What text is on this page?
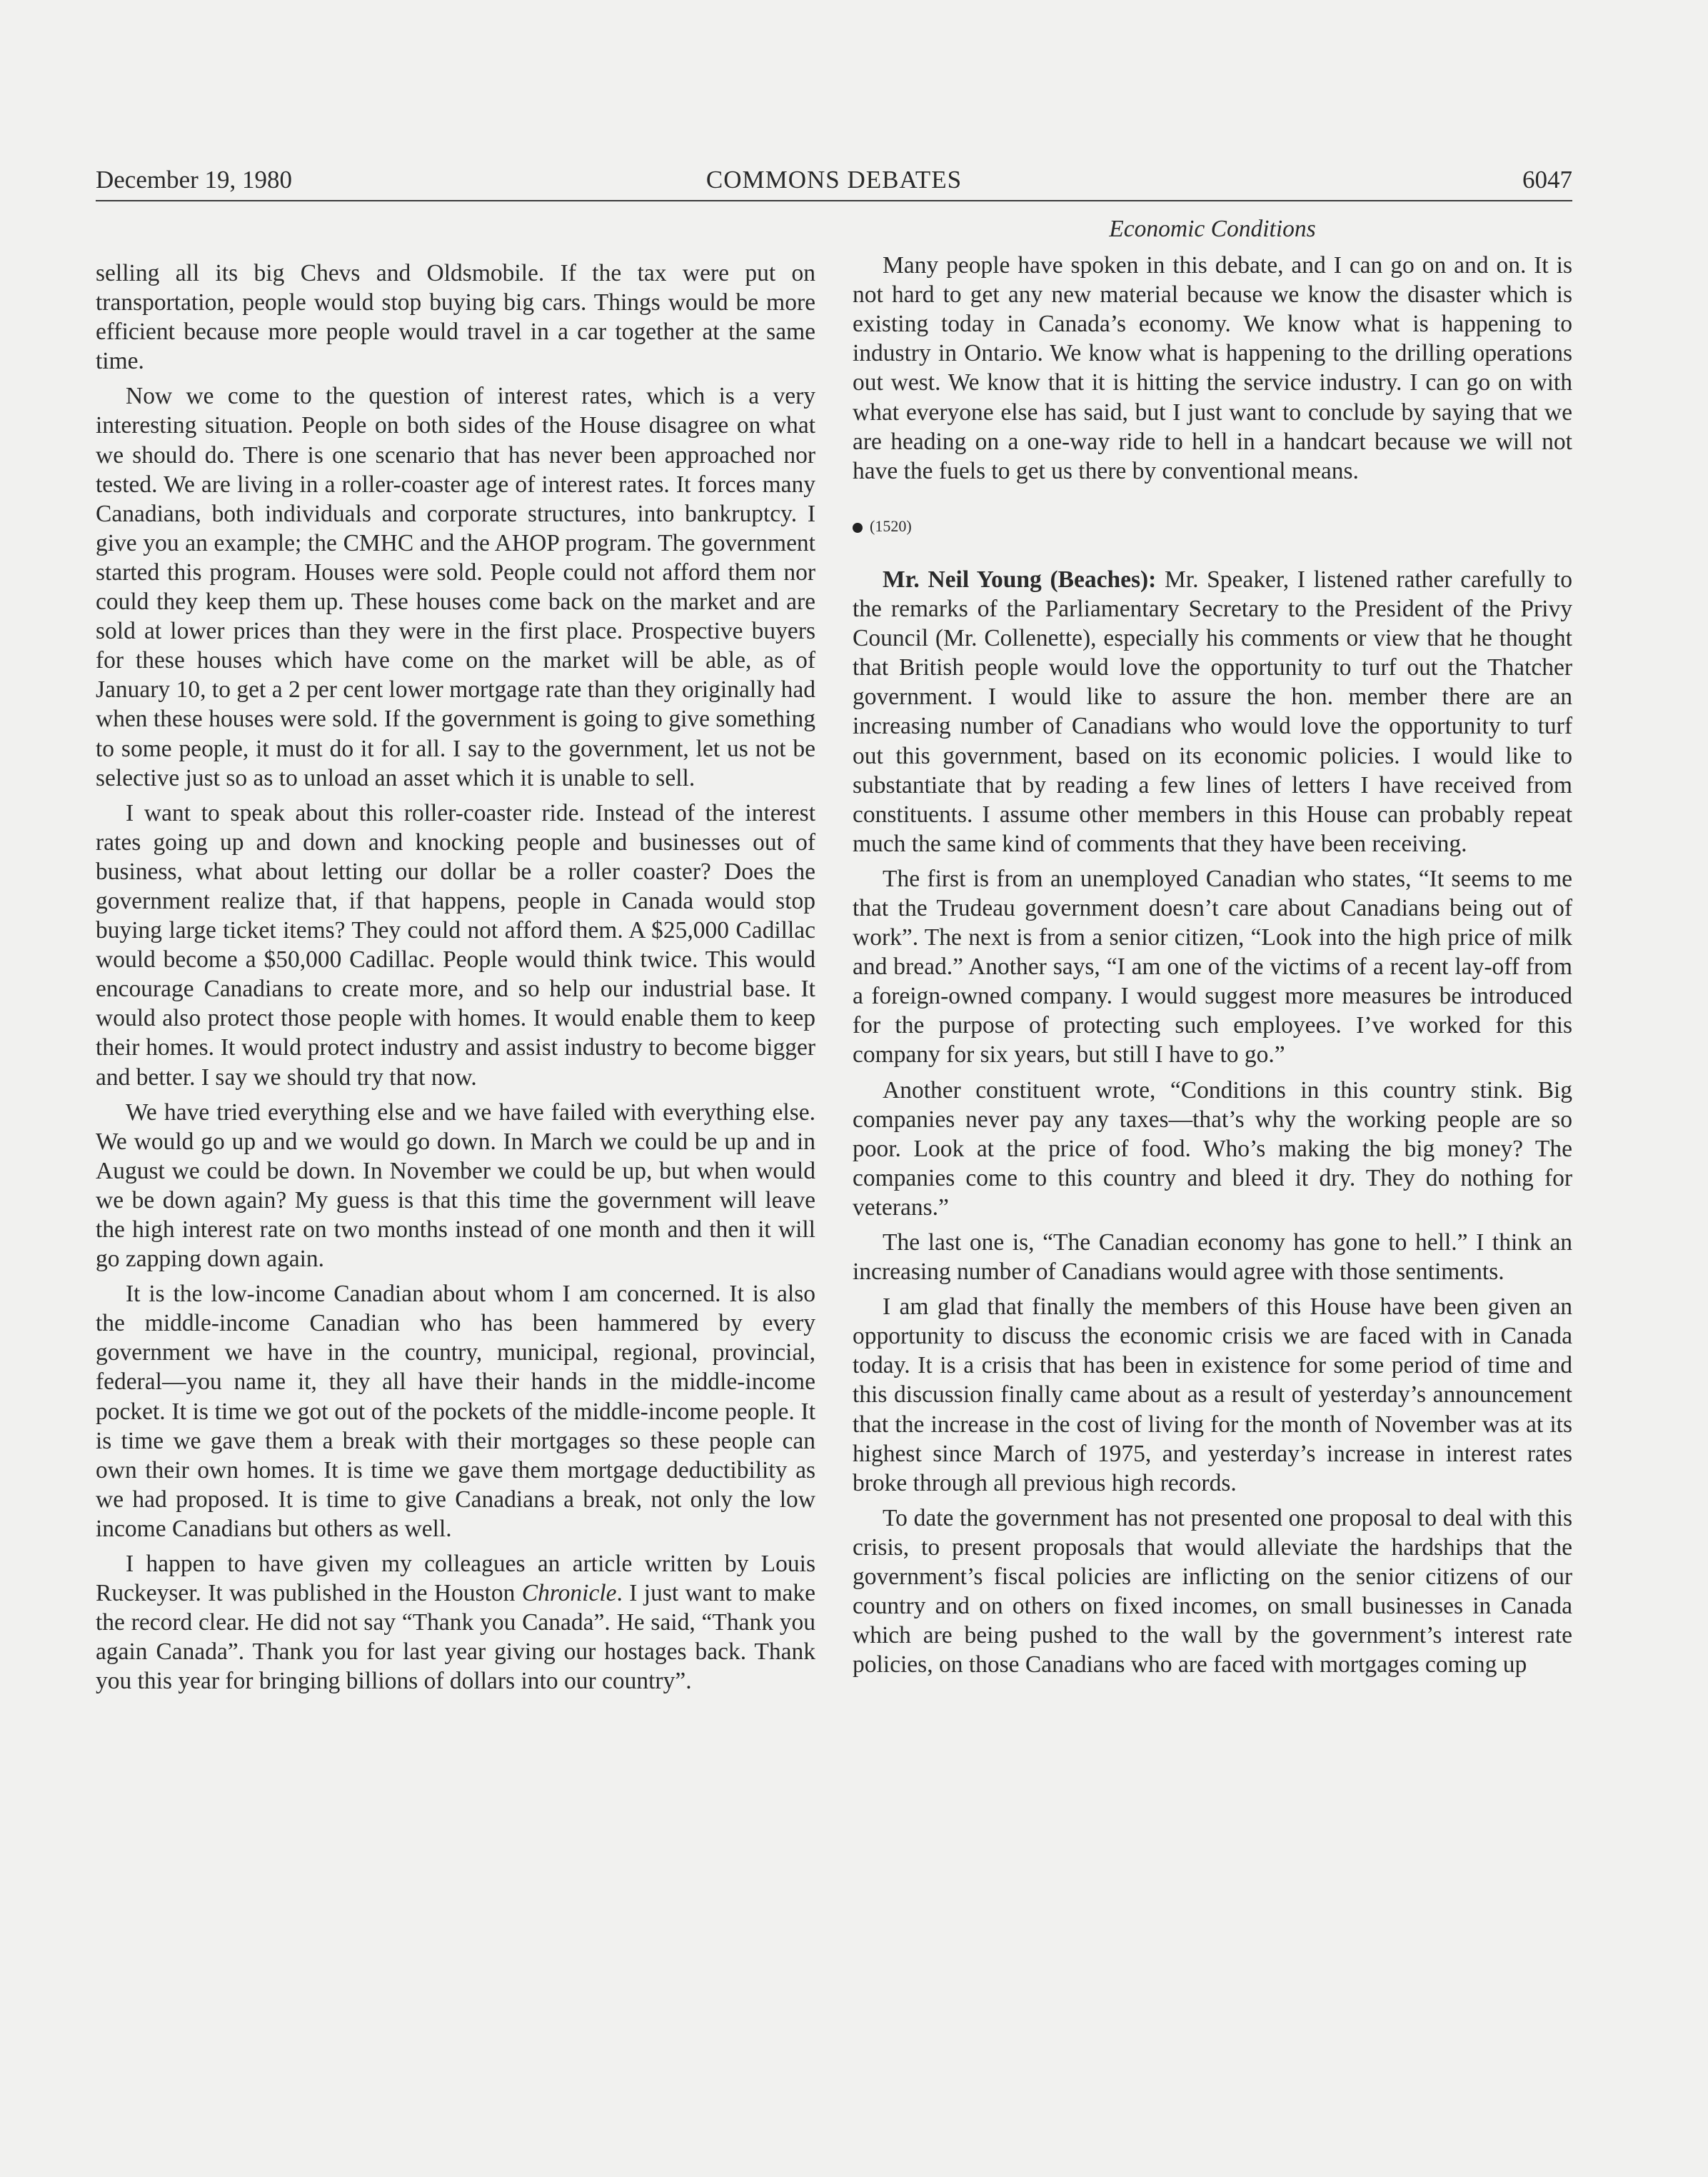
COMMONS DEBATES
December 19, 1980	6047

selling all its big Chevs and Oldsmobile. If the tax were put on transportation, people would stop buying big cars. Things would be more efficient because more people would travel in a car together at the same time.

Now we come to the question of interest rates, which is a very interesting situation. People on both sides of the House disagree on what we should do. There is one scenario that has never been approached nor tested. We are living in a roller-coaster age of interest rates. It forces many Canadians, both individuals and corporate structures, into bankruptcy. I give you an example; the CMHC and the AHOP program. The government started this program. Houses were sold. People could not afford them nor could they keep them up. These houses come back on the market and are sold at lower prices than they were in the first place. Prospective buyers for these houses which have come on the market will be able, as of January 10, to get a 2 per cent lower mortgage rate than they originally had when these houses were sold. If the government is going to give something to some people, it must do it for all. I say to the government, let us not be selective just so as to unload an asset which it is unable to sell.

I want to speak about this roller-coaster ride. Instead of the interest rates going up and down and knocking people and businesses out of business, what about letting our dollar be a roller coaster? Does the government realize that, if that happens, people in Canada would stop buying large ticket items? They could not afford them. A $25,000 Cadillac would become a $50,000 Cadillac. People would think twice. This would encourage Canadians to create more, and so help our industrial base. It would also protect those people with homes. It would enable them to keep their homes. It would protect industry and assist industry to become bigger and better. I say we should try that now.

We have tried everything else and we have failed with everything else. We would go up and we would go down. In March we could be up and in August we could be down. In November we could be up, but when would we be down again? My guess is that this time the government will leave the high interest rate on two months instead of one month and then it will go zapping down again.

It is the low-income Canadian about whom I am concerned. It is also the middle-income Canadian who has been hammered by every government we have in the country, municipal, regional, provincial, federal—you name it, they all have their hands in the middle-income pocket. It is time we got out of the pockets of the middle-income people. It is time we gave them a break with their mortgages so these people can own their own homes. It is time we gave them mortgage deductibility as we had proposed. It is time to give Canadians a break, not only the low income Canadians but others as well.

I happen to have given my colleagues an article written by Louis Ruckeyser. It was published in the Houston Chronicle. I just want to make the record clear. He did not say “Thank you Canada”. He said, “Thank you again Canada”. Thank you for last year giving our hostages back. Thank you this year for bringing billions of dollars into our country”.

Economic Conditions

Many people have spoken in this debate, and I can go on and on. It is not hard to get any new material because we know the disaster which is existing today in Canada’s economy. We know what is happening to industry in Ontario. We know what is happening to the drilling operations out west. We know that it is hitting the service industry. I can go on with what everyone else has said, but I just want to conclude by saying that we are heading on a one-way ride to hell in a handcart because we will not have the fuels to get us there by conventional means.

(1520)

Mr. Neil Young (Beaches): Mr. Speaker, I listened rather carefully to the remarks of the Parliamentary Secretary to the President of the Privy Council (Mr. Collenette), especially his comments or view that he thought that British people would love the opportunity to turf out the Thatcher government. I would like to assure the hon. member there are an increasing number of Canadians who would love the opportunity to turf out this government, based on its economic policies. I would like to substantiate that by reading a few lines of letters I have received from constituents. I assume other members in this House can probably repeat much the same kind of comments that they have been receiving.

The first is from an unemployed Canadian who states, “It seems to me that the Trudeau government doesn’t care about Canadians being out of work”. The next is from a senior citizen, “Look into the high price of milk and bread.” Another says, “I am one of the victims of a recent lay-off from a foreign-owned company. I would suggest more measures be introduced for the purpose of protecting such employees. I’ve worked for this company for six years, but still I have to go.”

Another constituent wrote, “Conditions in this country stink. Big companies never pay any taxes—that’s why the working people are so poor. Look at the price of food. Who’s making the big money? The companies come to this country and bleed it dry. They do nothing for veterans.”

The last one is, “The Canadian economy has gone to hell.” I think an increasing number of Canadians would agree with those sentiments.

I am glad that finally the members of this House have been given an opportunity to discuss the economic crisis we are faced with in Canada today. It is a crisis that has been in existence for some period of time and this discussion finally came about as a result of yesterday’s announcement that the increase in the cost of living for the month of November was at its highest since March of 1975, and yesterday’s increase in interest rates broke through all previous high records.

To date the government has not presented one proposal to deal with this crisis, to present proposals that would alleviate the hardships that the government’s fiscal policies are inflicting on the senior citizens of our country and on others on fixed incomes, on small businesses in Canada which are being pushed to the wall by the government’s interest rate policies, on those Canadians who are faced with mortgages coming up
